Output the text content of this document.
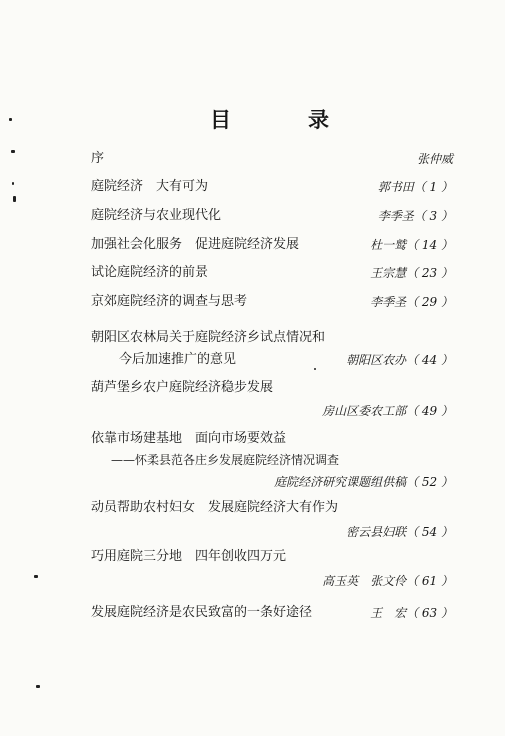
目	录
序	张仲威
庭院经济　大有可为	郭书田（ 1 ）
庭院经济与农业现代化	李季圣（ 3 ）
加强社会化服务　促进庭院经济发展	杜一鹫（ 14 ）
试论庭院经济的前景	王宗慧（ 23 ）
京郊庭院经济的调查与思考	李季圣（ 29 ）
朝阳区农林局关于庭院经济乡试点情况和
今后加速推广的意见	朝阳区农办（ 44 ）
葫芦堡乡农户庭院经济稳步发展
房山区委农工部（ 49 ）
依靠市场建基地　面向市场要效益
——怀柔县范各庄乡发展庭院经济情况调查
庭院经济研究课题组供稿（ 52 ）
动员帮助农村妇女　发展庭院经济大有作为
密云县妇联（ 54 ）
巧用庭院三分地　四年创收四万元
高玉英　张文伶（ 61 ）
发展庭院经济是农民致富的一条好途径	王　宏（ 63 ）
